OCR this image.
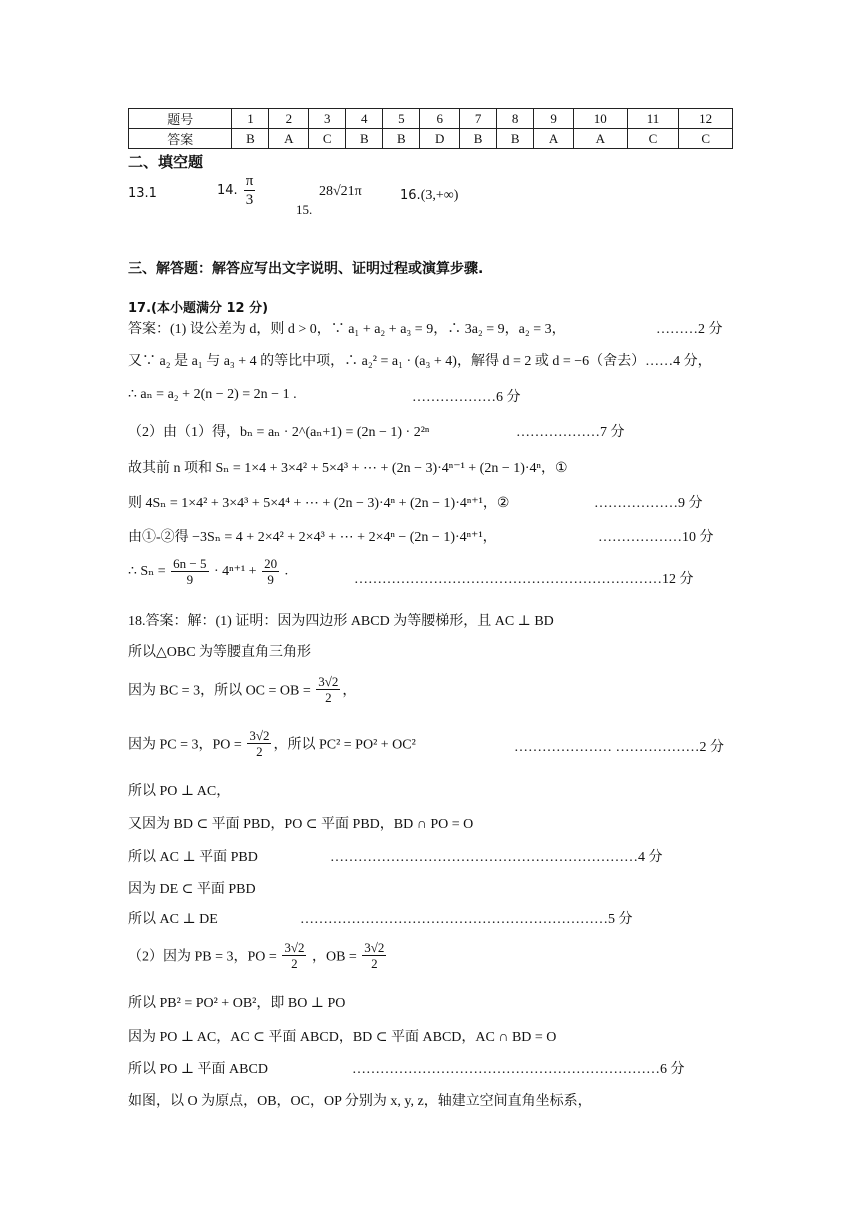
题号	1	2	3	4	5	6	7	8	9	10	11	12
答案	B	A	C	B	B	D	B	B	A	A	C	C
二、填空题
13.1	14. $\frac{\pi}{3}$	28√21π
15.
16.(3,+∞)
三、解答题：解答应写出文字说明、证明过程或演算步骤.
17.(本小题满分 12 分)
答案：(1) 设公差为 d，则 d > 0，∵ a₁ + a₂ + a₃ = 9，∴ 3a₂ = 9，a₂ = 3，	………2 分
又∵ a₂ 是 a₁ 与 a₃ + 4 的等比中项，∴ a₂² = a₁ · (a₃ + 4)，解得 d = 2 或 d = −6（舍去）……4 分，
∴ aₙ = a₂ + 2(n − 2) = 2n − 1 .	………………6 分
（2）由（1）得，bₙ = aₙ · 2^(aₙ+1) = (2n − 1) · 2²ⁿ	………………7 分
故其前 n 项和 Sₙ = 1×4 + 3×4² + 5×4³ + ⋯ + (2n − 3)·4ⁿ⁻¹ + (2n − 1)·4ⁿ，①
则 4Sₙ = 1×4² + 3×4³ + 5×4⁴ + ⋯ + (2n − 3)·4ⁿ + (2n − 1)·4ⁿ⁺¹，②	………………9 分
由①-②得 −3Sₙ = 4 + 2×4² + 2×4³ + ⋯ + 2×4ⁿ − (2n − 1)·4ⁿ⁺¹，	………………10 分
∴ $S_n = \frac{6n - 5}{9} \cdot 4^{n+1} + \frac{20}{9}$ .
…………………………………………………………12 分
18.答案：解：(1) 证明：因为四边形 ABCD 为等腰梯形，且 AC ⊥ BD
所以△OBC 为等腰直角三角形
因为 BC = 3，所以 OC = OB = $\frac{3√2}{2}$ ，
因为 PC = 3，PO = $\frac{3√2}{2}$ ，所以 PC² = PO² + OC²	………………… ………………2 分
所以 PO ⊥ AC，
又因为 BD ⊂ 平面 PBD，PO ⊂ 平面 PBD，BD ∩ PO = O
所以 AC ⊥ 平面 PBD	…………………………………………………………4 分
因为 DE ⊂ 平面 PBD
所以 AC ⊥ DE	…………………………………………………………5 分
（2）因为 PB = 3，PO = $\frac{3√2}{2}$ ，OB = $\frac{3√2}{2}$
所以 PB² = PO² + OB²，即 BO ⊥ PO
因为 PO ⊥ AC，AC ⊂ 平面 ABCD，BD ⊂ 平面 ABCD，AC ∩ BD = O
所以 PO ⊥ 平面 ABCD	…………………………………………………………6 分
如图，以 O 为原点，OB，OC，OP 分别为 x, y, z，轴建立空间直角坐标系，
